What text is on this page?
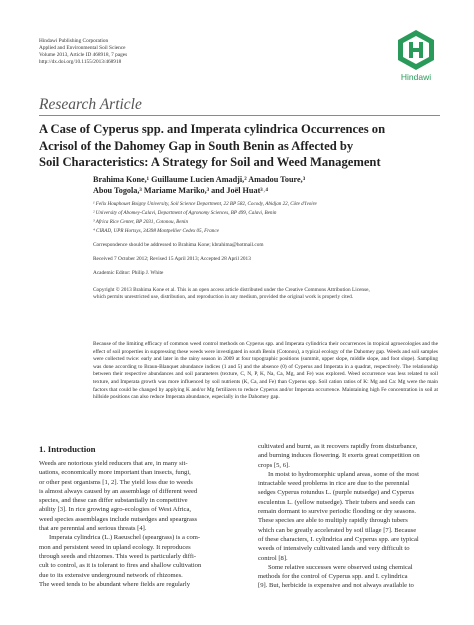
Hindawi Publishing Corporation
Applied and Environmental Soil Science
Volume 2013, Article ID 468918, 7 pages
http://dx.doi.org/10.1155/2013/468918
Hindawi
Research Article
A Case of Cyperus spp. and Imperata cylindrica Occurrences on
Acrisol of the Dahomey Gap in South Benin as Affected by
Soil Characteristics: A Strategy for Soil and Weed Management
Brahima Kone,¹ Guillaume Lucien Amadji,² Amadou Toure,³
Abou Togola,³ Mariame Mariko,³ and Joël Huat³˒⁴
¹ Felix Houphouet Boigny University, Soil Science Department, 22 BP 582, Cocody, Abidjan 22, Côte d'Ivoire
² University of Abomey-Calavi, Department of Agronomy Sciences, BP 499, Calavi, Benin
³ Africa Rice Center, BP 2031, Cotonou, Benin
⁴ CIRAD, UPR Hortsys, 34398 Montpellier Cedex 05, France
Correspondence should be addressed to Brahima Kone; kbrahima@hotmail.com
Received 7 October 2012; Revised 15 April 2013; Accepted 28 April 2013
Academic Editor: Philip J. White
Copyright © 2013 Brahima Kone et al. This is an open access article distributed under the Creative Commons Attribution License,
which permits unrestricted use, distribution, and reproduction in any medium, provided the original work is properly cited.
Because of the limiting efficacy of common weed control methods on Cyperus spp. and Imperata cylindrica their occurrences in tropical agroecologies and the effect of soil properties in suppressing these weeds were investigated in south Benin (Cotonou), a typical ecology of the Dahomey gap. Weeds and soil samples were collected twice: early and later in the rainy season in 2009 at four topographic positions (summit, upper slope, middle slope, and foot slope). Sampling was done according to Braun-Blanquet abundance indices (1 and 5) and the absence (0) of Cyperus and Imperata in a quadrat, respectively. The relationship between their respective abundances and soil parameters (texture, C, N, P, K, Na, Ca, Mg, and Fe) was explored. Weed occurrence was less related to soil texture, and Imperata growth was more influenced by soil nutrients (K, Ca, and Fe) than Cyperus spp. Soil cation ratios of K: Mg and Ca: Mg were the main factors that could be changed by applying K and/or Mg fertilizers to reduce Cyperus and/or Imperata occurrence. Maintaining high Fe concentration in soil at hillside positions can also reduce Imperata abundance, especially in the Dahomey gap.
1. Introduction
Weeds are notorious yield reducers that are, in many sit-
uations, economically more important than insects, fungi,
or other pest organisms [1, 2]. The yield loss due to weeds
is almost always caused by an assemblage of different weed
species, and these can differ substantially in competitive
ability [3]. In rice growing agro-ecologies of West Africa,
weed species assemblages include nutsedges and speargrass
that are perennial and serious threats [4].
Imperata cylindrica (L.) Raeuschel (speargrass) is a com-
mon and persistent weed in upland ecology. It reproduces
through seeds and rhizomes. This weed is particularly diffi-
cult to control, as it is tolerant to fires and shallow cultivation
due to its extensive underground network of rhizomes.
The weed tends to be abundant where fields are regularly
cultivated and burnt, as it recovers rapidly from disturbance,
and burning induces flowering. It exerts great competition on
crops [5, 6].
In moist to hydromorphic upland areas, some of the most
intractable weed problems in rice are due to the perennial
sedges Cyperus rotundus L. (purple nutsedge) and Cyperus
esculentus L. (yellow nutsedge). Their tubers and seeds can
remain dormant to survive periodic flooding or dry seasons.
These species are able to multiply rapidly through tubers
which can be greatly accelerated by soil tillage [7]. Because
of these characters, I. cylindrica and Cyperus spp. are typical
weeds of intensively cultivated lands and very difficult to
control [8].
Some relative successes were observed using chemical
methods for the control of Cyperus spp. and I. cylindrica
[9]. But, herbicide is expensive and not always available to
